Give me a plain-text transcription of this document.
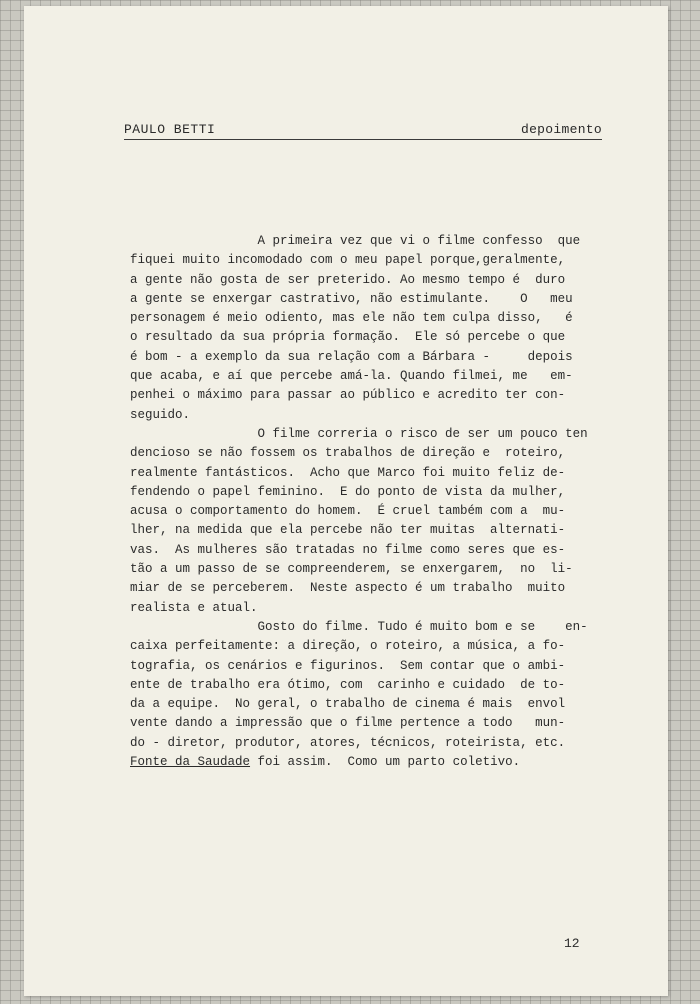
PAULO BETTI	depoimento
A primeira vez que vi o filme confesso  que
fiquei muito incomodado com o meu papel porque,geralmente,
a gente não gosta de ser preterido. Ao mesmo tempo é  duro
a gente se enxergar castrativo, não estimulante.    O   meu
personagem é meio odiento, mas ele não tem culpa disso,   é
o resultado da sua própria formação.  Ele só percebe o que
é bom - a exemplo da sua relação com a Bárbara -     depois
que acaba, e aí que percebe amá-la. Quando filmei, me   em-
penhei o máximo para passar ao público e acredito ter con-
seguido.
O filme correria o risco de ser um pouco ten
dencioso se não fossem os trabalhos de direção e  roteiro,
realmente fantásticos.  Acho que Marco foi muito feliz de-
fendendo o papel feminino.  E do ponto de vista da mulher,
acusa o comportamento do homem.  É cruel também com a  mu-
lher, na medida que ela percebe não ter muitas  alternati-
vas.  As mulheres são tratadas no filme como seres que es-
tão a um passo de se compreenderem, se enxergarem,  no  li-
miar de se perceberem.  Neste aspecto é um trabalho  muito
realista e atual.
Gosto do filme. Tudo é muito bom e se    en-
caixa perfeitamente: a direção, o roteiro, a música, a fo-
tografia, os cenários e figurinos.  Sem contar que o ambi-
ente de trabalho era ótimo, com  carinho e cuidado  de to-
da a equipe.  No geral, o trabalho de cinema é mais  envol
vente dando a impressão que o filme pertence a todo   mun-
do - diretor, produtor, atores, técnicos, roteirista, etc.
Fonte da Saudade foi assim.  Como um parto coletivo.
12
